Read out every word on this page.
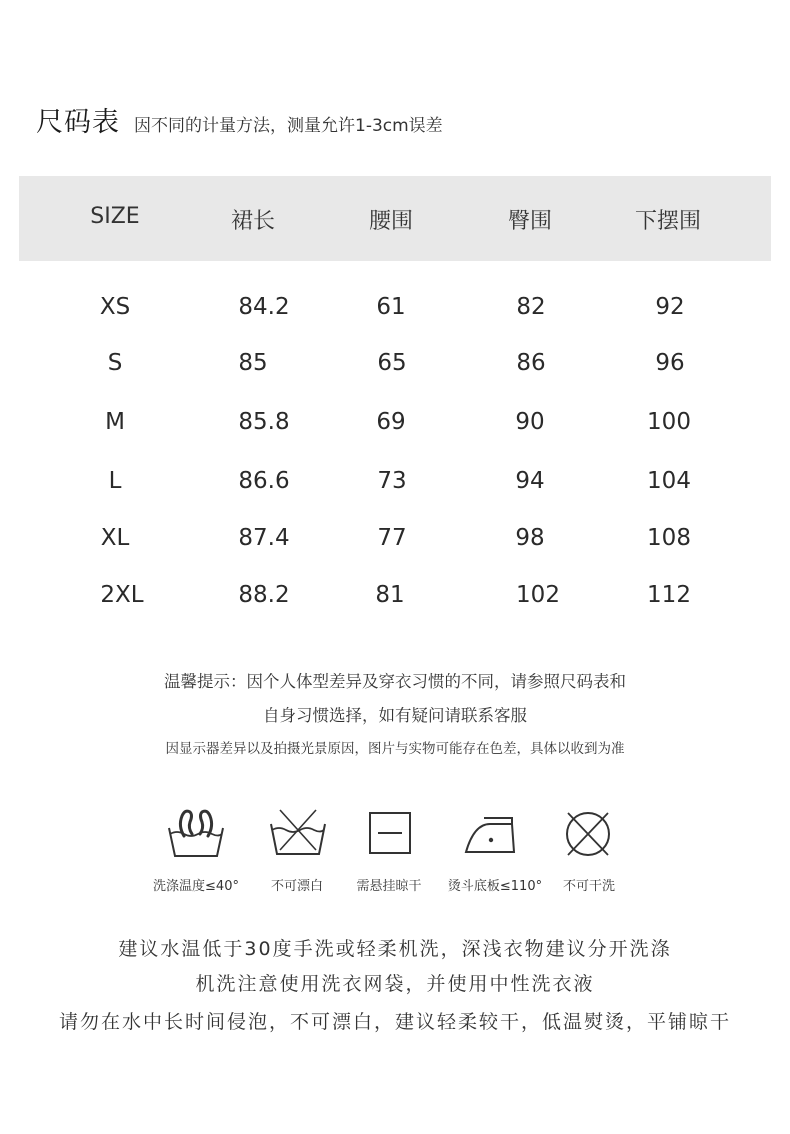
尺码表 因不同的计量方法，测量允许1-3cm误差
SIZE	裙长	腰围	臀围	下摆围
XS	84.2	61	82	92
S	85	65	86	96
M	85.8	69	90	100
L	86.6	73	94	104
XL	87.4	77	98	108
2XL	88.2	81	102	112
温馨提示：因个人体型差异及穿衣习惯的不同，请参照尺码表和
自身习惯选择，如有疑问请联系客服
因显示器差异以及拍摄光景原因，图片与实物可能存在色差，具体以收到为准
洗涤温度≤40° 不可漂白	需悬挂晾干 烫斗底板≤110° 不可干洗
建议水温低于30度手洗或轻柔机洗，深浅衣物建议分开洗涤
机洗注意使用洗衣网袋，并使用中性洗衣液
请勿在水中长时间侵泡，不可漂白，建议轻柔较干，低温熨烫，平铺晾干
